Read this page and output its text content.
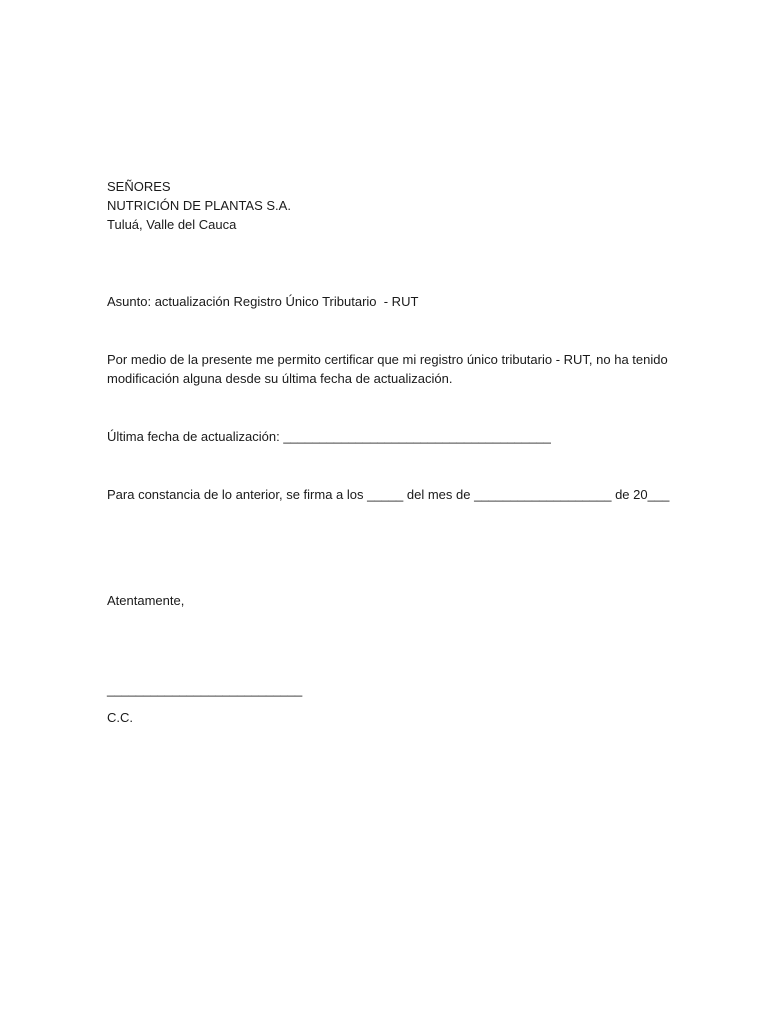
SEÑORES
NUTRICIÓN DE PLANTAS S.A.
Tuluá, Valle del Cauca

Asunto: actualización Registro Único Tributario  - RUT

Por medio de la presente me permito certificar que mi registro único tributario - RUT, no ha tenido
modificación alguna desde su última fecha de actualización.

Última fecha de actualización: _____________________________________

Para constancia de lo anterior, se firma a los _____ del mes de ___________________ de 20___

Atentamente,

___________________________

C.C.
